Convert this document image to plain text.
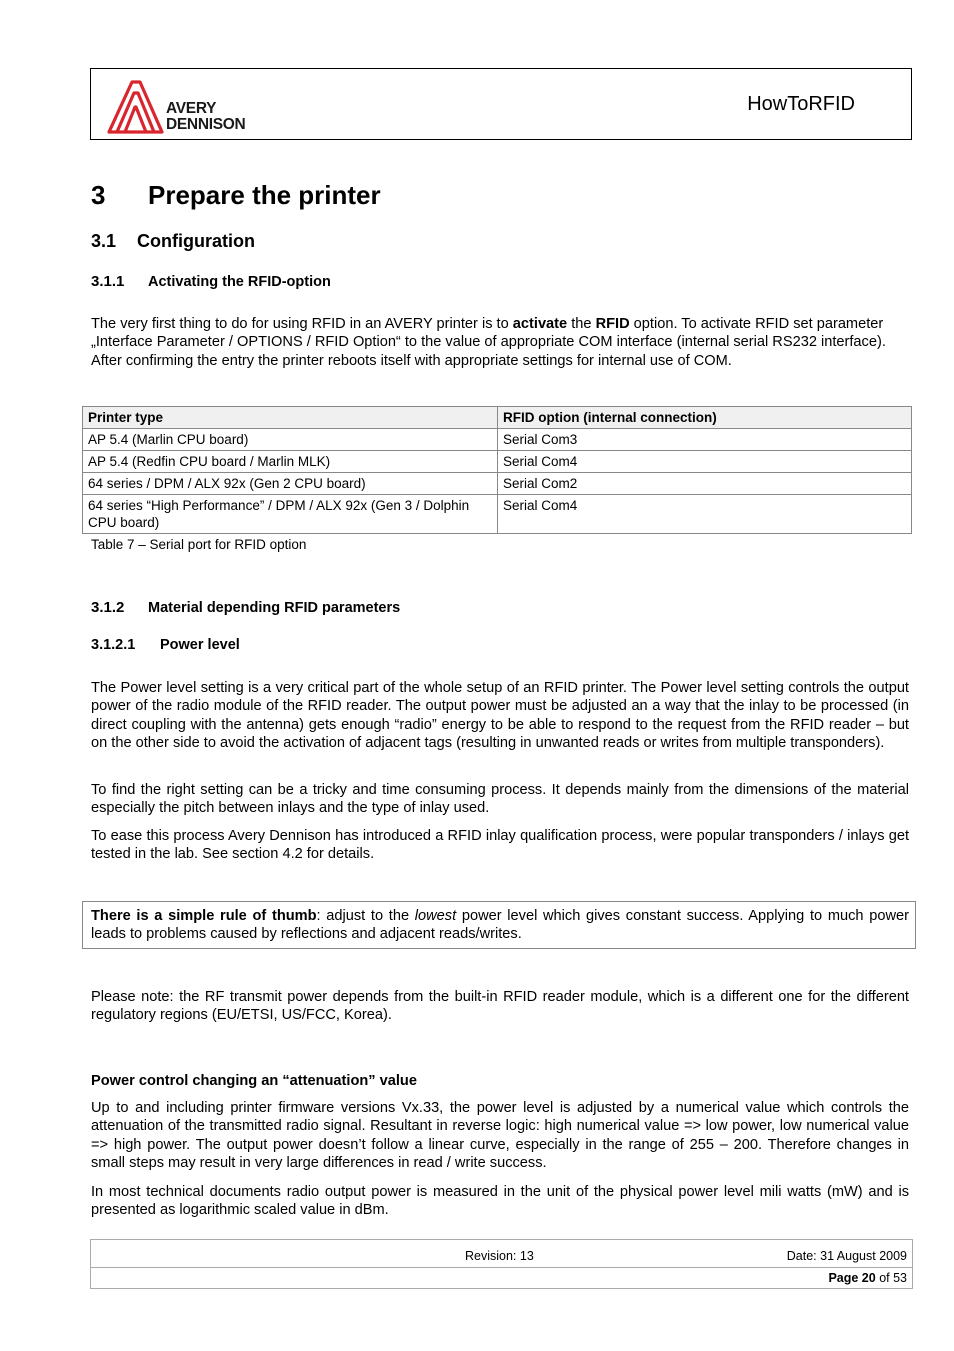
AVERY
DENNISON
HowToRFID
3 Prepare the printer
3.1 Configuration
3.1.1 Activating the RFID-option
The very first thing to do for using RFID in an AVERY printer is to activate the RFID option. To activate RFID set parameter „Interface Parameter / OPTIONS / RFID Option“ to the value of appropriate COM interface (internal serial RS232 interface). After confirming the entry the printer reboots itself with appropriate settings for internal use of COM.
Printer type	RFID option (internal connection)
AP 5.4 (Marlin CPU board)	Serial Com3
AP 5.4 (Redfin CPU board / Marlin MLK)	Serial Com4
64 series / DPM / ALX 92x (Gen 2 CPU board)	Serial Com2
64 series “High Performance” / DPM / ALX 92x (Gen 3 / Dolphin CPU board)	Serial Com4
Table 7 – Serial port for RFID option
3.1.2 Material depending RFID parameters
3.1.2.1 Power level
The Power level setting is a very critical part of the whole setup of an RFID printer. The Power level setting controls the output power of the radio module of the RFID reader. The output power must be adjusted an a way that the inlay to be processed (in direct coupling with the antenna) gets enough “radio” energy to be able to respond to the request from the RFID reader – but on the other side to avoid the activation of adjacent tags (resulting in unwanted reads or writes from multiple transponders).
To find the right setting can be a tricky and time consuming process. It depends mainly from the dimensions of the material especially the pitch between inlays and the type of inlay used.
To ease this process Avery Dennison has introduced a RFID inlay qualification process, were popular transponders / inlays get tested in the lab. See section 4.2 for details.
There is a simple rule of thumb: adjust to the lowest power level which gives constant success. Applying to much power leads to problems caused by reflections and adjacent reads/writes.
Please note: the RF transmit power depends from the built-in RFID reader module, which is a different one for the different regulatory regions (EU/ETSI, US/FCC, Korea).
Power control changing an “attenuation” value
Up to and including printer firmware versions Vx.33, the power level is adjusted by a numerical value which controls the attenuation of the transmitted radio signal. Resultant in reverse logic: high numerical value => low power, low numerical value => high power. The output power doesn’t follow a linear curve, especially in the range of 255 – 200. Therefore changes in small steps may result in very large differences in read / write success.
In most technical documents radio output power is measured in the unit of the physical power level mili watts (mW) and is presented as logarithmic scaled value in dBm.
Revision: 13	Date: 31 August 2009
Page 20 of 53
